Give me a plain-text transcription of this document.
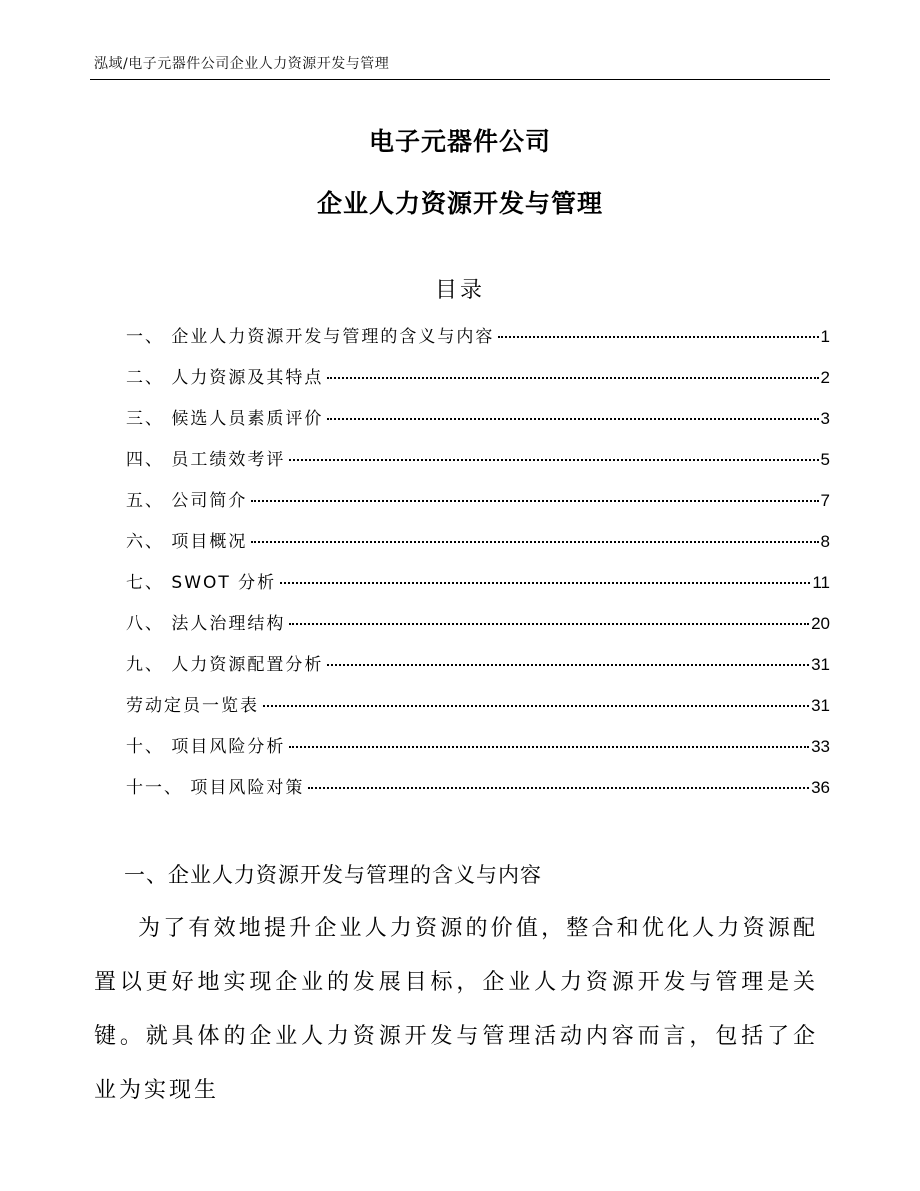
泓域/电子元器件公司企业人力资源开发与管理
电子元器件公司
企业人力资源开发与管理
目录
一、 企业人力资源开发与管理的含义与内容	1
二、 人力资源及其特点	2
三、 候选人员素质评价	3
四、 员工绩效考评	5
五、 公司简介	7
六、 项目概况	8
七、 SWOT 分析	11
八、 法人治理结构	20
九、 人力资源配置分析	31
劳动定员一览表	31
十、 项目风险分析	33
十一、 项目风险对策	36
一、企业人力资源开发与管理的含义与内容
为了有效地提升企业人力资源的价值，整合和优化人力资源配置以更好地实现企业的发展目标，企业人力资源开发与管理是关键。就具体的企业人力资源开发与管理活动内容而言，包括了企业为实现生
